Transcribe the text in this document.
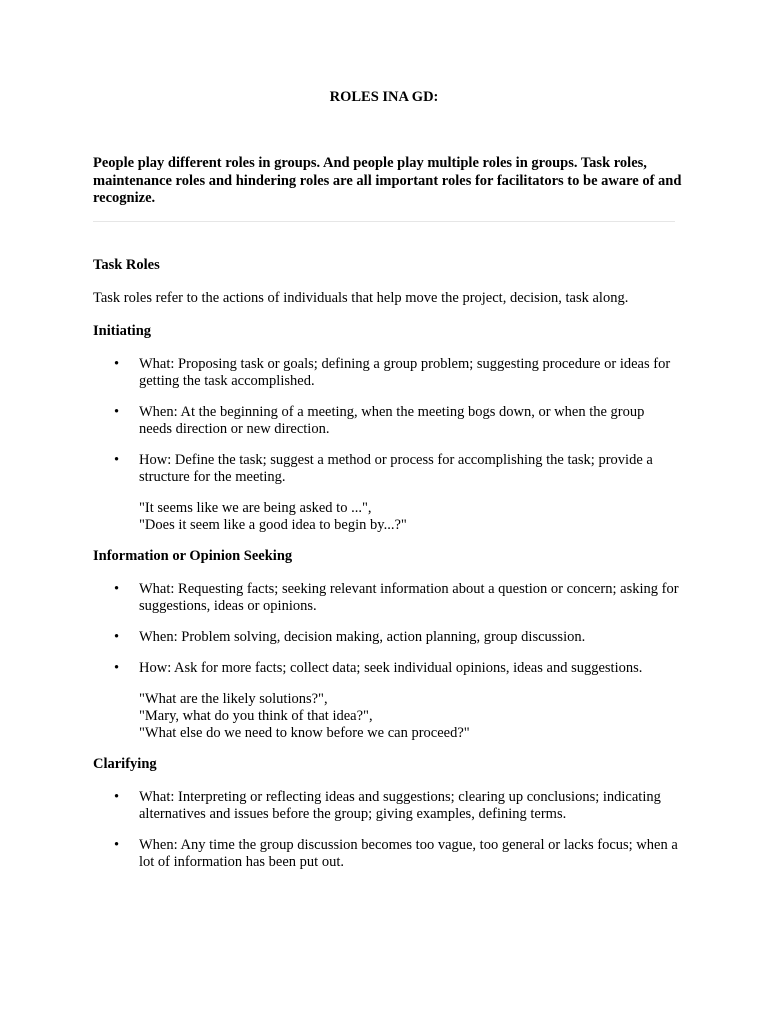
ROLES INA GD:

People play different roles in groups. And people play multiple roles in groups. Task roles, maintenance roles and hindering roles are all important roles for facilitators to be aware of and recognize.

Task Roles

Task roles refer to the actions of individuals that help move the project, decision, task along.

Initiating

• What: Proposing task or goals; defining a group problem; suggesting procedure or ideas for getting the task accomplished.
• When: At the beginning of a meeting, when the meeting bogs down, or when the group needs direction or new direction.
• How: Define the task; suggest a method or process for accomplishing the task; provide a structure for the meeting.
"It seems like we are being asked to ...",
"Does it seem like a good idea to begin by...?"

Information or Opinion Seeking

• What: Requesting facts; seeking relevant information about a question or concern; asking for suggestions, ideas or opinions.
• When: Problem solving, decision making, action planning, group discussion.
• How: Ask for more facts; collect data; seek individual opinions, ideas and suggestions.
"What are the likely solutions?",
"Mary, what do you think of that idea?",
"What else do we need to know before we can proceed?"

Clarifying

• What: Interpreting or reflecting ideas and suggestions; clearing up conclusions; indicating alternatives and issues before the group; giving examples, defining terms.
• When: Any time the group discussion becomes too vague, too general or lacks focus; when a lot of information has been put out.
